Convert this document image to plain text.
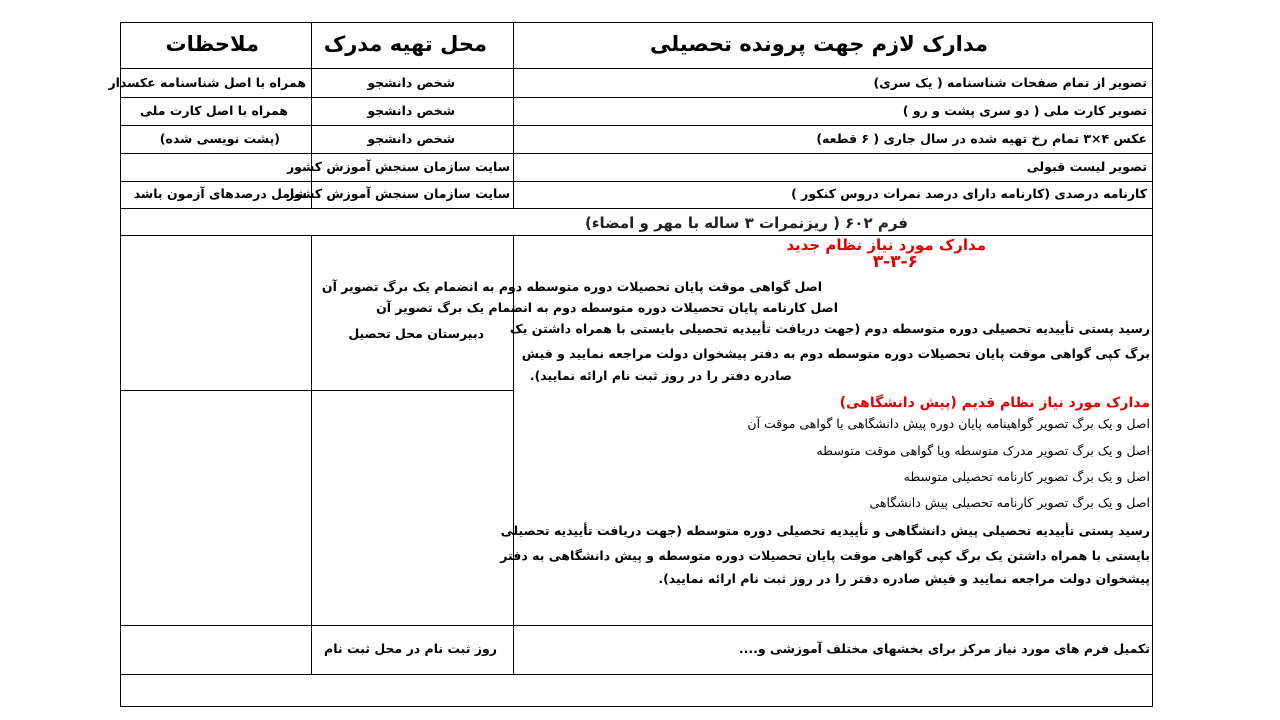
مدارک لازم جهت پرونده تحصیلی
محل تهیه مدرک
ملاحظات
تصویر از تمام صفحات شناسنامه ( یک سری)
شخص دانشجو
همراه با اصل شناسنامه عکسدار
تصویر کارت ملی ( دو سری پشت و رو )
شخص دانشجو
همراه با اصل کارت ملی
عکس ۴×۳ تمام رخ تهیه شده در سال جاری ( ۶ قطعه)
شخص دانشجو
(پشت نویسی شده)
تصویر لیست قبولی
سایت سازمان سنجش آموزش کشور
کارنامه درصدی (کارنامه دارای درصد نمرات دروس کنکور )
سایت سازمان سنجش آموزش کشور
شامل درصدهای آزمون باشد
فرم ۶۰۲ ( ریزنمرات ۳ ساله با مهر و امضاء)
مدارک مورد نیاز نظام جدید
۳-۳-۶
اصل گواهی موقت پایان تحصیلات دوره متوسطه دوم به انضمام یک برگ تصویر آن
اصل کارنامه پایان تحصیلات دوره متوسطه دوم به انضمام یک برگ تصویر آن
رسید پستی تأییدیه تحصیلی دوره متوسطه دوم (جهت دریافت تأییدیه تحصیلی بایستی با همراه داشتن یک
برگ کپی گواهی موقت پایان تحصیلات دوره متوسطه دوم به دفتر پیشخوان دولت مراجعه نمایید و فیش
صادره دفتر را در روز ثبت نام ارائه نمایید).
دبیرستان محل تحصیل
مدارک مورد نیاز نظام قدیم (پیش دانشگاهی)
اصل و یک برگ تصویر گواهینامه پایان دوره پیش دانشگاهی یا گواهی موقت آن
اصل و یک برگ تصویر مدرک متوسطه ویا گواهی موقت متوسطه
اصل و یک برگ تصویر کارنامه تحصیلی متوسطه
اصل و یک برگ تصویر کارنامه تحصیلی پیش دانشگاهی
رسید پستی تأییدیه تحصیلی پیش دانشگاهی و تأییدیه تحصیلی دوره متوسطه (جهت دریافت تأییدیه تحصیلی
بایستی با همراه داشتن یک برگ کپی گواهی موقت پایان تحصیلات دوره متوسطه و پیش دانشگاهی به دفتر
پیشخوان دولت مراجعه نمایید و فیش صادره دفتر را در روز ثبت نام ارائه نمایید).
تکمیل فرم های مورد نیاز مرکز برای بخشهای مختلف آموزشی و....
روز ثبت نام در محل ثبت نام
